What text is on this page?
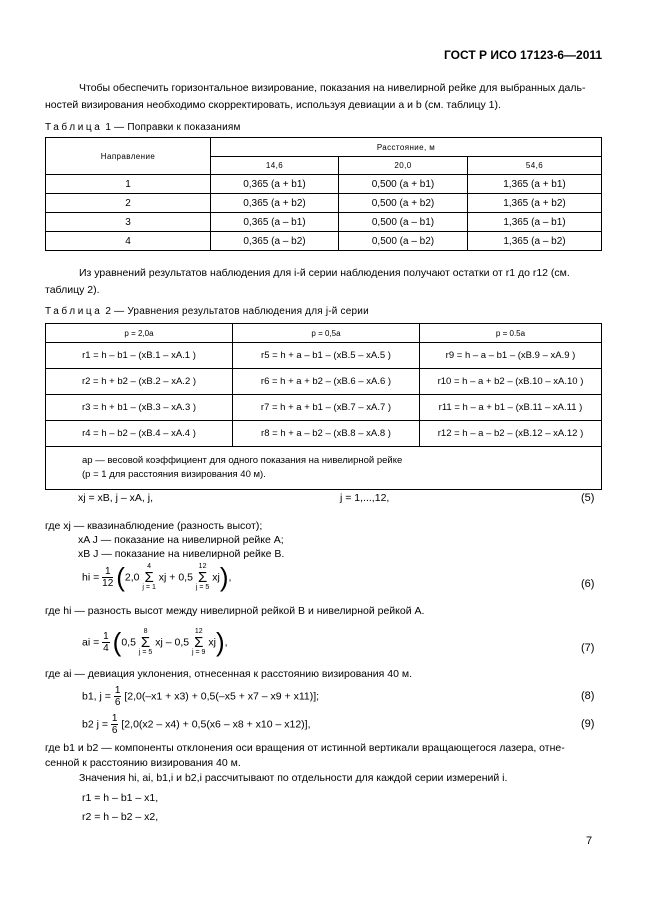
ГОСТ Р ИСО 17123-6—2011
Чтобы обеспечить горизонтальное визирование, показания на нивелирной рейке для выбранных даль-
ностей визирования необходимо скорректировать, используя девиации a и b (см. таблицу 1).
Таблица 1 — Поправки к показаниям
Направление	Расстояние, м		
	14,6	20,0	54,6
1	0,365 (a + b1)	0,500 (a + b1)	1,365 (a + b1)
2	0,365 (a + b2)	0,500 (a + b2)	1,365 (a + b2)
3	0,365 (a – b1)	0,500 (a – b1)	1,365 (a – b1)
4	0,365 (a – b2)	0,500 (a – b2)	1,365 (a – b2)
Из уравнений результатов наблюдения для i-й серии наблюдения получают остатки от r1 до r12 (см.
таблицу 2).
Таблица 2 — Уравнения результатов наблюдения для j-й серии
p = 2,0a	p = 0,5a	p = 0.5a
r1 = h – b1 – (xB.1 – xA.1 )	r5 = h + a – b1 – (xB.5 – xA.5 )	r9 = h – a – b1 – (xB.9 – xA.9 )
r2 = h + b2 – (xB.2 – xA.2 )	r6 = h + a + b2 – (xB.6 – xA.6 )	r10 = h – a + b2 – (xB.10 – xA.10 )
r3 = h + b1 – (xB.3 – xA.3 )	r7 = h + a + b1 – (xB.7 – xA.7 )	r11 = h – a + b1 – (xB.11 – xA.11 )
r4 = h – b2 – (xB.4 – xA.4 )	r8 = h + a – b2 – (xB.8 – xA.8 )	r12 = h – a – b2 – (xB.12 – xA.12 )
ap — весовой коэффициент для одного показания на нивелирной рейке
(p = 1 для расстояния визирования 40 м).		
xj = xB, j – xA, j,	j = 1,...,12,	(5)
где xj — квазинаблюдение (разность высот);
xA J — показание на нивелирной рейке A;
xB J — показание на нивелирной рейке B.
hi = $\frac{1}{12} (2,0$ 4
Σ
j = 1 xj + 0,5 12
Σ
j = 5 xj),
(6)
где hi — разность высот между нивелирной рейкой B и нивелирной рейкой A.
ai = $\frac{1}{4} (0,5$ 8
Σ
j = 5 xj – 0,5 12
Σ
j = 9 xj),	(7)
где ai — девиация уклонения, отнесенная к расстоянию визирования 40 м.
b1, $j = \frac{1}{6} [2,0(-x1 + x3) + 0,5(-x5 + x7 - x9 + x11)]$;	(8)
b2 $j = \frac{1}{6} [2,0(x2 - x4) + 0,5(x6 - x8 + x10 - x12)]$,	(9)
где b1 и b2 — компоненты отклонения оси вращения от истинной вертикали вращающегося лазера, отне-
сенной к расстоянию визирования 40 м.
Значения hi, ai, b1,i и b2,i рассчитывают по отдельности для каждой серии измерений i.
r1 = h – b1 – x1,
r2 = h – b2 – x2,
7
